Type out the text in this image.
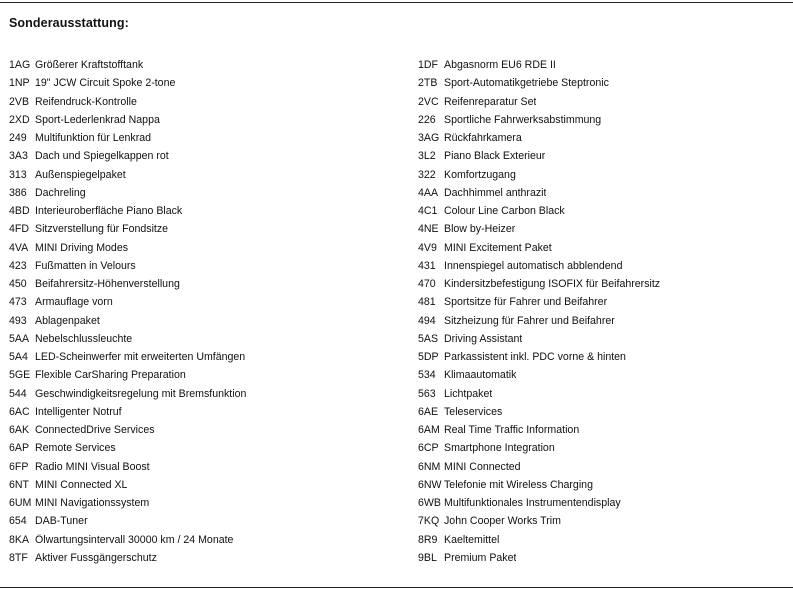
Sonderausstattung:
1AG Größerer Kraftstofftank
1NP 19" JCW Circuit Spoke 2-tone
2VB Reifendruck-Kontrolle
2XD Sport-Lederlenkrad Nappa
249 Multifunktion für Lenkrad
3A3 Dach und Spiegelkappen rot
313 Außenspiegelpaket
386 Dachreling
4BD Interieuroberfläche Piano Black
4FD Sitzverstellung für Fondsitze
4VA MINI Driving Modes
423 Fußmatten in Velours
450 Beifahrersitz-Höhenverstellung
473 Armauflage vorn
493 Ablagenpaket
5AA Nebelschlussleuchte
5A4 LED-Scheinwerfer mit erweiterten Umfängen
5GE Flexible CarSharing Preparation
544 Geschwindigkeitsregelung mit Bremsfunktion
6AC Intelligenter Notruf
6AK ConnectedDrive Services
6AP Remote Services
6FP Radio MINI Visual Boost
6NT MINI Connected XL
6UM MINI Navigationssystem
654 DAB-Tuner
8KA Ölwartungsintervall 30000 km / 24 Monate
8TF Aktiver Fussgängerschutz
1DF Abgasnorm EU6 RDE II
2TB Sport-Automatikgetriebe Steptronic
2VC Reifenreparatur Set
226 Sportliche Fahrwerksabstimmung
3AG Rückfahrkamera
3L2 Piano Black Exterieur
322 Komfortzugang
4AA Dachhimmel anthrazit
4C1 Colour Line Carbon Black
4NE Blow by-Heizer
4V9 MINI Excitement Paket
431 Innenspiegel automatisch abblendend
470 Kindersitzbefestigung ISOFIX für Beifahrersitz
481 Sportsitze für Fahrer und Beifahrer
494 Sitzheizung für Fahrer und Beifahrer
5AS Driving Assistant
5DP Parkassistent inkl. PDC vorne & hinten
534 Klimaautomatik
563 Lichtpaket
6AE Teleservices
6AM Real Time Traffic Information
6CP Smartphone Integration
6NM MINI Connected
6NW Telefonie mit Wireless Charging
6WB Multifunktionales Instrumentendisplay
7KQ John Cooper Works Trim
8R9 Kaeltemittel
9BL Premium Paket
